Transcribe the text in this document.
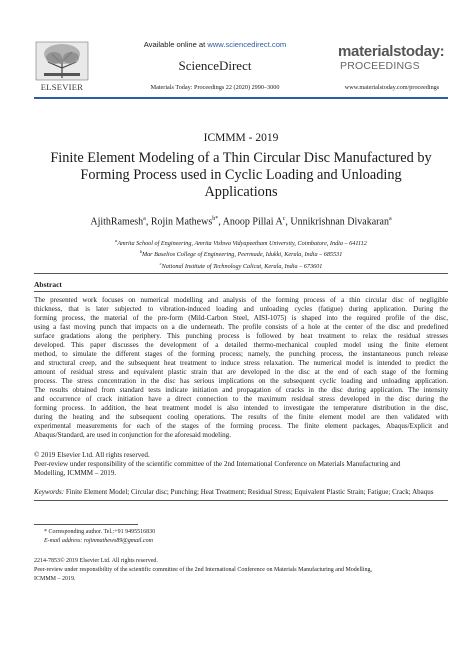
ELSEVIER
Available online at www.sciencedirect.com
ScienceDirect
Materials Today: Proceedings 22 (2020) 2990–3000
materialstoday:
PROCEEDINGS
www.materialstoday.com/proceedings
ICMMM - 2019
Finite Element Modeling of a Thin Circular Disc Manufactured by
Forming Process used in Cyclic Loading and Unloading
Applications
AjithRamesh$^a$, Rojin Mathews$^{b*}$, Anoop Pillai $A^c$, Unnikrishnan Divakaran$^a$
$^a$Amrita School of Engineering, Amrita Vishwa Vidyapeetham University, Coimbatore, India – 641112
$^b$Mar Baselios College of Engineering, Peermade, Idukki, Kerala, India – 685531
$^c$National Institute of Technology Calicut, Kerala, India – 673601
Abstract
The presented work focuses on numerical modelling and analysis of the forming process of a thin circular disc of negligible
thickness, that is later subjected to vibration-induced loading and unloading cycles (fatigue) during application. During the
forming process, the material of the pre-form (Mild-Carbon Steel, AISI-1075) is shaped into the required profile of the disc,
using a fast moving punch that impacts on a die underneath. The profile consists of a hole at the center of the disc and predefined
surface gradations along the periphery. This punching process is followed by heat treatment to relax the residual stresses
developed. This paper discusses the development of a detailed thermo-mechanical coupled model using the finite element
method, to simulate the different stages of the forming process; namely, the punching process, the instantaneous punch release
and structural creep, and the subsequent heat treatment to induce stress relaxation. The numerical model is intended to predict the
amount of residual stress and equivalent plastic strain that are developed in the disc at the end of each stage of the forming
process. The stress concentration in the disc has serious implications on the subsequent cyclic loading and unloading application.
The results obtained from standard tests indicate initiation and propagation of cracks in the disc during application. The intensity
and occurrence of crack initiation have a direct connection to the maximum residual stress developed in the disc during the
forming process. In addition, the heat treatment model is also intended to investigate the temperature distribution in the disc,
during the heating and the subsequent cooling operations. The results of the finite element model are then validated with
experimental measurements for each of the stages of the forming process. The finite element packages, Abaqus/Explicit and
Abaqus/Standard, are used in conjunction for the aforesaid modeling.
© 2019 Elsevier Ltd. All rights reserved.
Peer-review under responsibility of the scientific committee of the 2nd International Conference on Materials Manufacturing and
Modelling, ICMMM – 2019.
Keywords: Finite Element Model; Circular disc; Punching; Heat Treatment; Residual Stress; Equivalent Plastic Strain; Fatigue; Crack; Abaqus
* Corresponding author. Tel.:+91 9495516830
E-mail address: rojinmathews89@gmail.com
2214-7853© 2019 Elsevier Ltd. All rights reserved.
Peer-review under responsibility of the scientific committee of the 2nd International Conference on Materials Manufacturing and Modelling,
ICMMM – 2019.
